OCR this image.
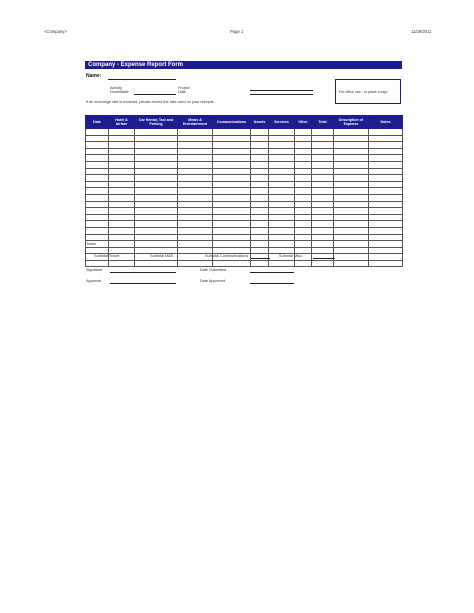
<Company>	Page 1	11/29/2011
Company - Expense Report Form
Name:
Activity
Nonbillable
Project
Date	For office use - or place a logo
If an exchange rate is involved, please record the rate used on your receipts.
Date	Hotel & Airfare	Car Rental, Taxi and Parking	Meals & Entertainment	Communications	Assets	Services	Other	Total	Description of Expense	Notes

Totals
Subtotal Travel	Subtotal M&E	Subtotal Communications	Subtotal Misc.
Signature	Date Submitted
Approval	Date Approved
